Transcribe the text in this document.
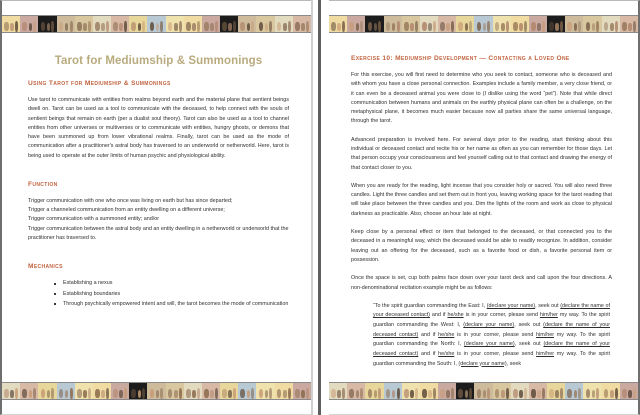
Tarot for Mediumship & Summonings
Using Tarot for Mediumship & Summonings

Use tarot to communicate with entities from realms beyond earth and the material plane that sentient beings dwell on. Tarot can be used as a tool to communicate with the deceased, to help connect with the souls of sentient beings that remain on earth (per a dualist soul theory). Tarot can also be used as a tool to channel entities from other universes or multiverses or to communicate with entities, hungry ghosts, or demons that have been summoned up from lower vibrational realms. Finally, tarot can be used as the mode of communication after a practitioner's astral body has traversed to an underworld or netherworld. Here, tarot is being used to operate at the outer limits of human psychic and physiological ability.

Function

Trigger communication with one who once was living on earth but has since departed;

Trigger a channeled communication from an entity dwelling on a different universe;

Trigger communication with a summoned entity; and/or

Trigger communication between the astral body and an entity dwelling in a netherworld or underworld that the practitioner has traversed to.

Mechanics
Establishing a nexus
Establishing boundaries
Through psychically empowered intent and will, the tarot becomes the mode of communication
Exercise 10: Mediumship Development — Contacting a Loved One

For this exercise, you will first need to determine who you seek to contact, someone who is deceased and with whom you have a close personal connection. Examples include a family member, a very close friend, or it can even be a deceased animal you were close to (I dislike using the word “pet”). Note that while direct communication between humans and animals on the earthly physical plane can often be a challenge, on the metaphysical plane, it becomes much easier because now all parties share the same universal language, through the tarot.

Advanced preparation is involved here. For several days prior to the reading, start thinking about this individual or deceased contact and recite his or her name as often as you can remember for those days. Let that person occupy your consciousness and feel yourself calling out to that contact and drawing the energy of that contact closer to you.

When you are ready for the reading, light incense that you consider holy or sacred. You will also need three candles. Light the three candles and set them out in front you, leaving working space for the tarot reading that will take place between the three candles and you. Dim the lights of the room and work as close to physical darkness as practicable. Also, choose an hour late at night.

Keep close by a personal effect or item that belonged to the deceased, or that connected you to the deceased in a meaningful way, which the deceased would be able to readily recognize. In addition, consider leaving out an offering for the deceased, such as a favorite food or dish, a favorite personal item or possession.

Once the space is set, cup both palms face down over your tarot deck and call upon the four directions. A non-denominational recitation example might be as follows:

“To the spirit guardian commanding the East: I, (declare your name), seek out (declare the name of your deceased contact) and if he/she is in your corner, please send him/her my way. To the spirit guardian commanding the West: I, (declare your name), seek out (declare the name of your deceased contact) and if he/she is in your corner, please send him/her my way. To the spirit guardian commanding the North: I, (declare your name), seek out (declare the name of your deceased contact) and if he/she is in your corner, please send him/her my way. To the spirit guardian commanding the South: I, (declare your name), seek
